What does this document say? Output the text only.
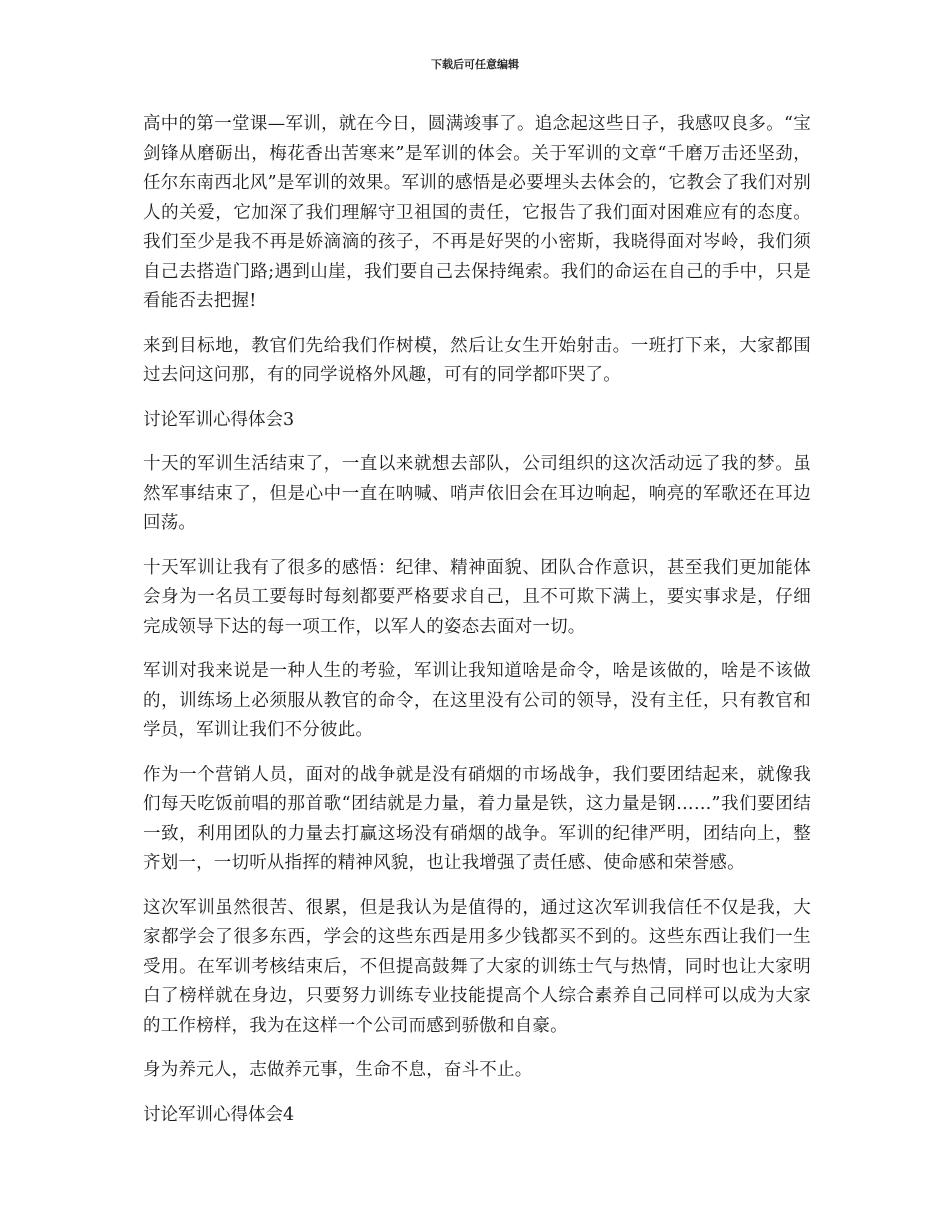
下载后可任意编辑

高中的第一堂课—军训，就在今日，圆满竣事了。追念起这些日子，我感叹良多。“宝剑锋从磨砺出，梅花香出苦寒来”是军训的体会。关于军训的文章“千磨万击还坚劲，任尔东南西北风”是军训的效果。军训的感悟是必要埋头去体会的，它教会了我们对别人的关爱，它加深了我们理解守卫祖国的责任，它报告了我们面对困难应有的态度。我们至少是我不再是娇滴滴的孩子，不再是好哭的小密斯，我晓得面对岑岭，我们须自己去搭造门路;遇到山崖，我们要自己去保持绳索。我们的命运在自己的手中，只是看能否去把握!

来到目标地，教官们先给我们作树模，然后让女生开始射击。一班打下来，大家都围过去问这问那，有的同学说格外风趣，可有的同学都吓哭了。

讨论军训心得体会3

十天的军训生活结束了，一直以来就想去部队，公司组织的这次活动远了我的梦。虽然军事结束了，但是心中一直在呐喊、哨声依旧会在耳边响起，响亮的军歌还在耳边回荡。

十天军训让我有了很多的感悟：纪律、精神面貌、团队合作意识，甚至我们更加能体会身为一名员工要每时每刻都要严格要求自己，且不可欺下满上，要实事求是，仔细完成领导下达的每一项工作，以军人的姿态去面对一切。

军训对我来说是一种人生的考验，军训让我知道啥是命令，啥是该做的，啥是不该做的，训练场上必须服从教官的命令，在这里没有公司的领导，没有主任，只有教官和学员，军训让我们不分彼此。

作为一个营销人员，面对的战争就是没有硝烟的市场战争，我们要团结起来，就像我们每天吃饭前唱的那首歌“团结就是力量，着力量是铁，这力量是钢……”我们要团结一致，利用团队的力量去打赢这场没有硝烟的战争。军训的纪律严明，团结向上，整齐划一，一切听从指挥的精神风貌，也让我增强了责任感、使命感和荣誉感。

这次军训虽然很苦、很累，但是我认为是值得的，通过这次军训我信任不仅是我，大家都学会了很多东西，学会的这些东西是用多少钱都买不到的。这些东西让我们一生受用。在军训考核结束后，不但提高鼓舞了大家的训练士气与热情，同时也让大家明白了榜样就在身边，只要努力训练专业技能提高个人综合素养自己同样可以成为大家的工作榜样，我为在这样一个公司而感到骄傲和自豪。

身为养元人，志做养元事，生命不息，奋斗不止。

讨论军训心得体会4
